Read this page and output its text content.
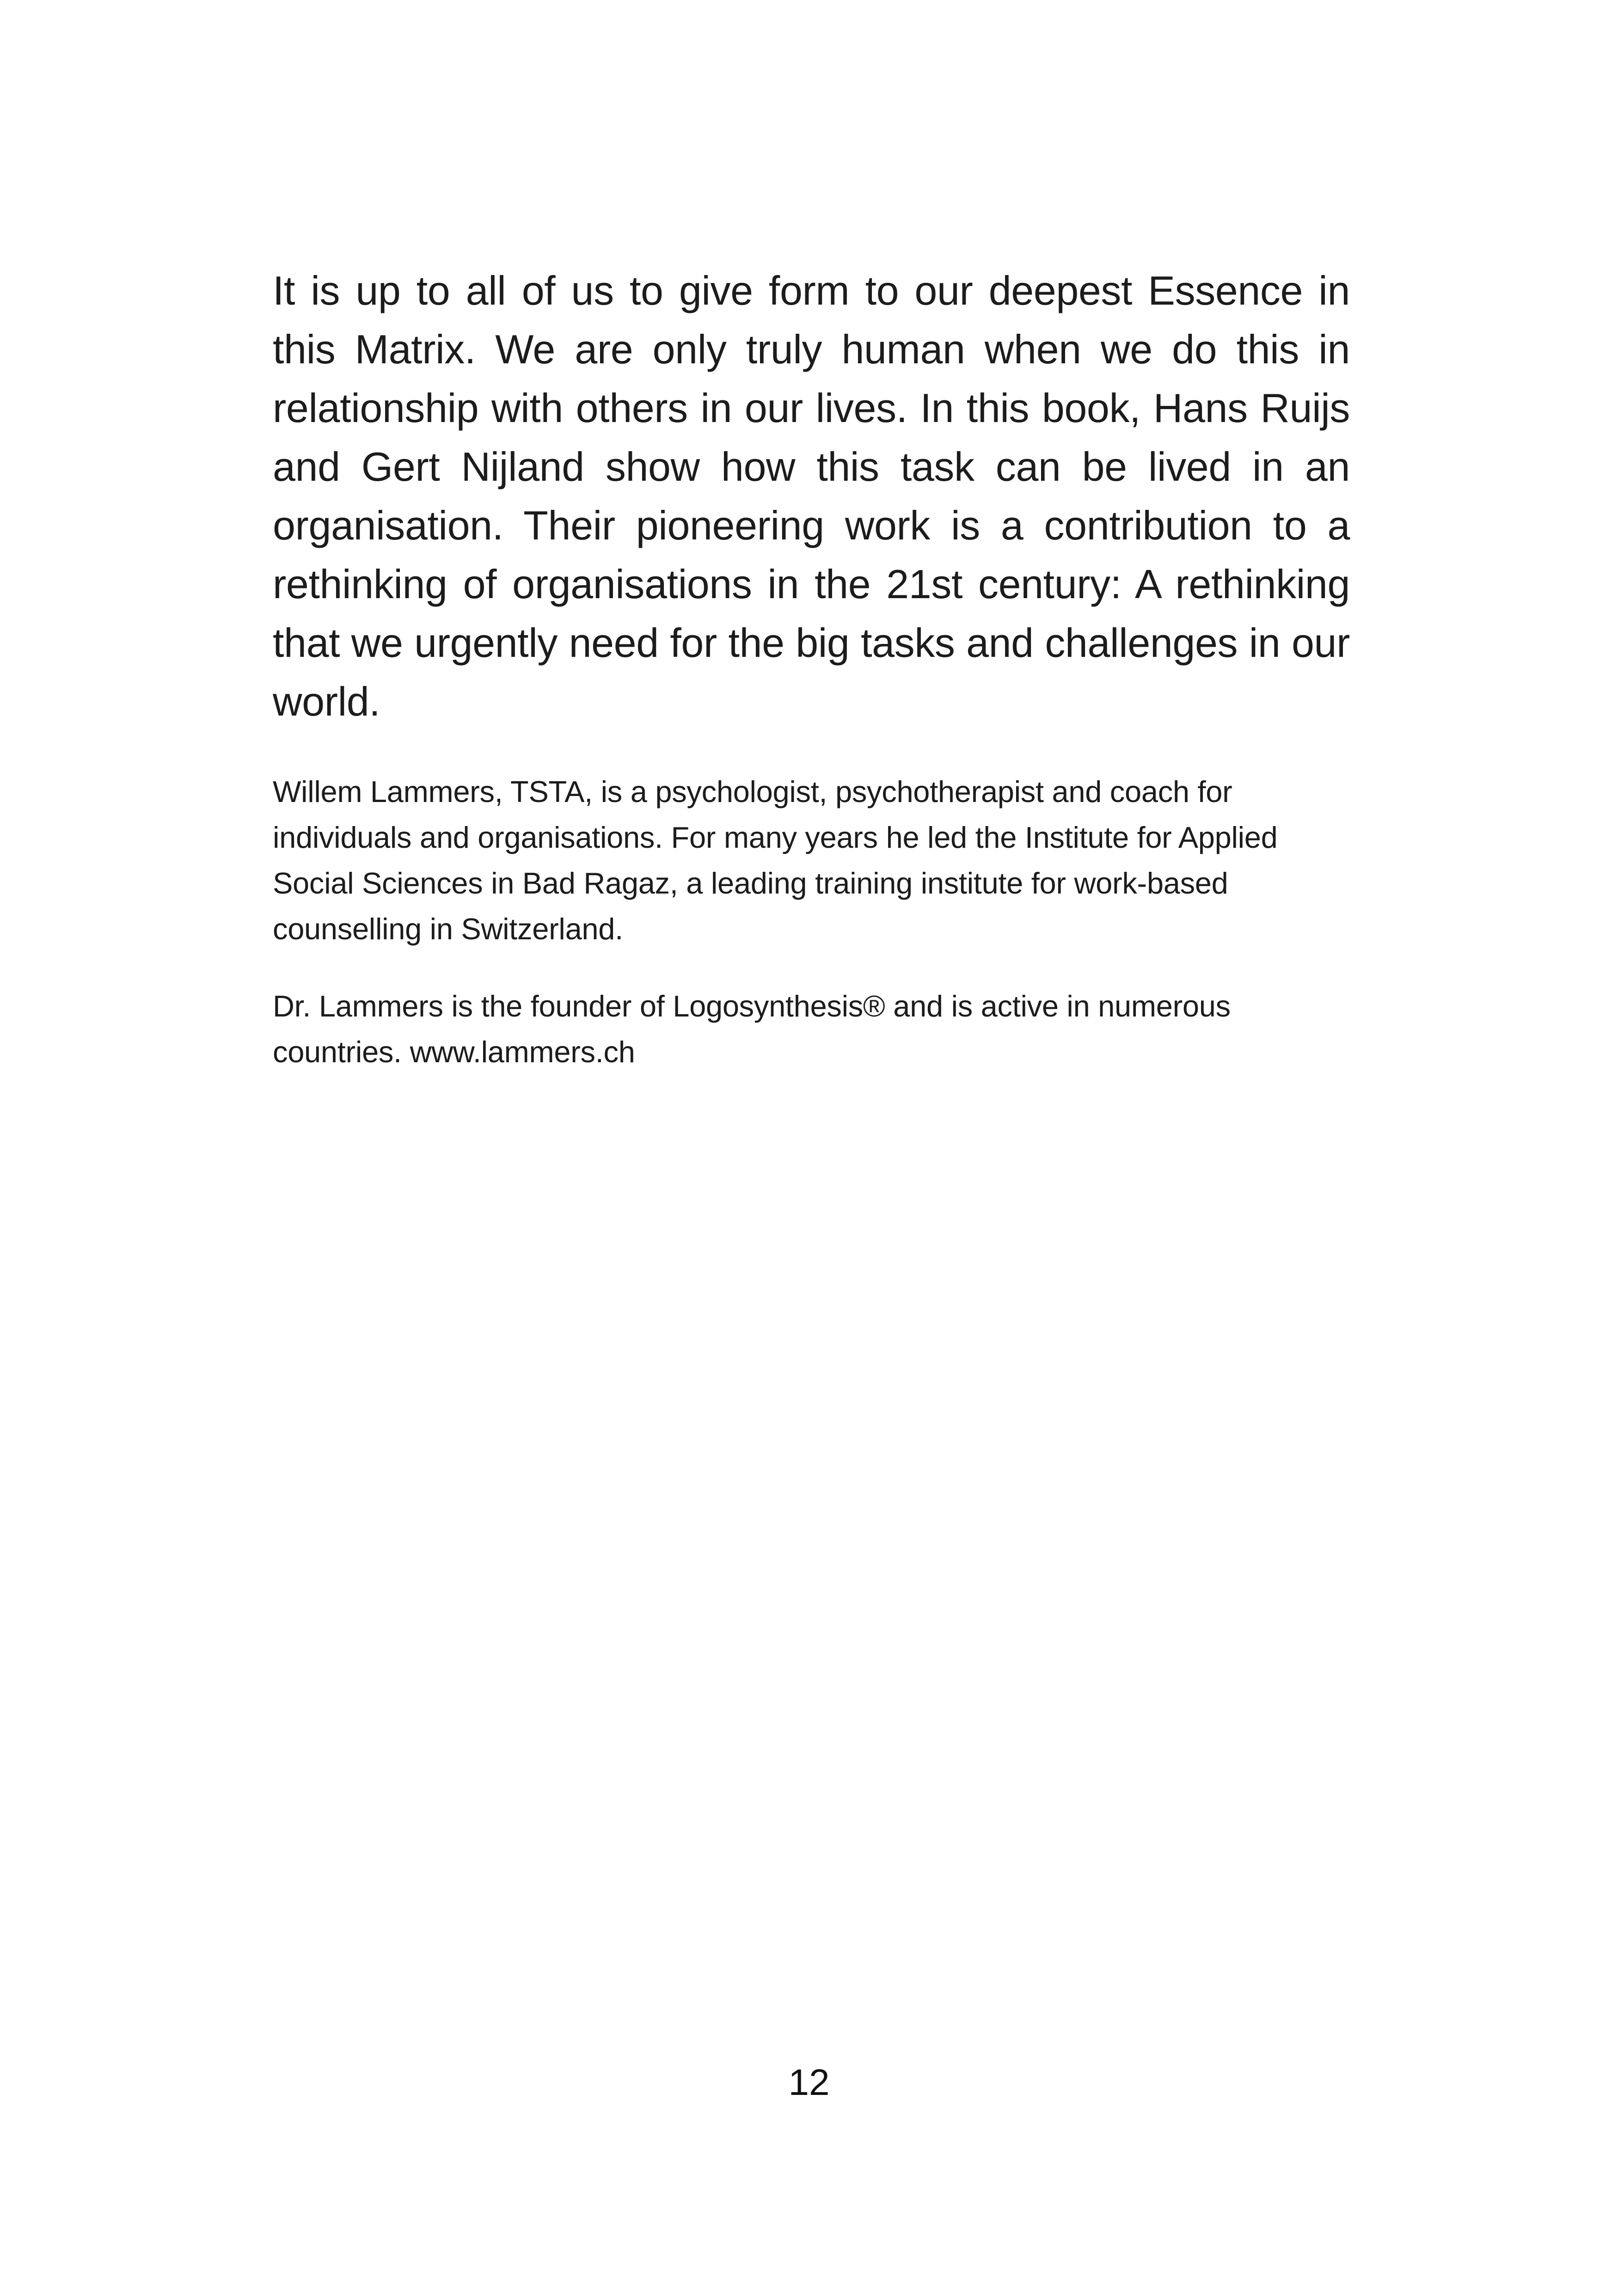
It is up to all of us to give form to our deepest Essence in this Matrix. We are only truly human when we do this in relationship with others in our lives. In this book, Hans Ruijs and Gert Nijland show how this task can be lived in an organisation. Their pioneering work is a contribution to a rethinking of organisations in the 21st century: A rethinking that we urgently need for the big tasks and challenges in our world.

Willem Lammers, TSTA, is a psychologist, psychotherapist and coach for individuals and organisations. For many years he led the Institute for Applied Social Sciences in Bad Ragaz, a leading training institute for work-based counselling in Switzerland.

Dr. Lammers is the founder of Logosynthesis® and is active in numerous countries. www.lammers.ch

12
